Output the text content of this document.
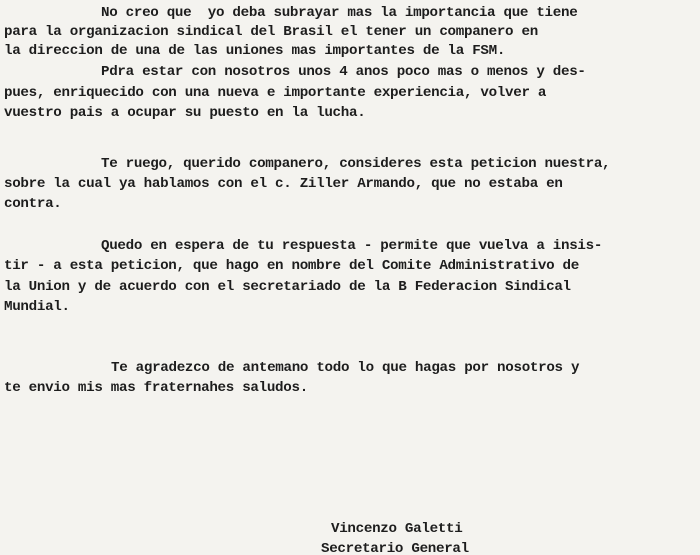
No creo que  yo deba subrayar mas la importancia que tiene
para la organizacion sindical del Brasil el tener un companero en
la direccion de una de las uniones mas importantes de la FSM.
Pdra estar con nosotros unos 4 anos poco mas o menos y des-
pues, enriquecido con una nueva e importante experiencia, volver a
vuestro pais a ocupar su puesto en la lucha.
Te ruego, querido companero, consideres esta peticion nuestra,
sobre la cual ya hablamos con el c. Ziller Armando, que no estaba en
contra.
Quedo en espera de tu respuesta - permite que vuelva a insis-
tir - a esta peticion, que hago en nombre del Comite Administrativo de
la Union y de acuerdo con el secretariado de la B Federacion Sindical
Mundial.
Te agradezco de antemano todo lo que hagas por nosotros y
te envio mis mas fraternahes saludos.
Vincenzo Galetti
Secretario General
